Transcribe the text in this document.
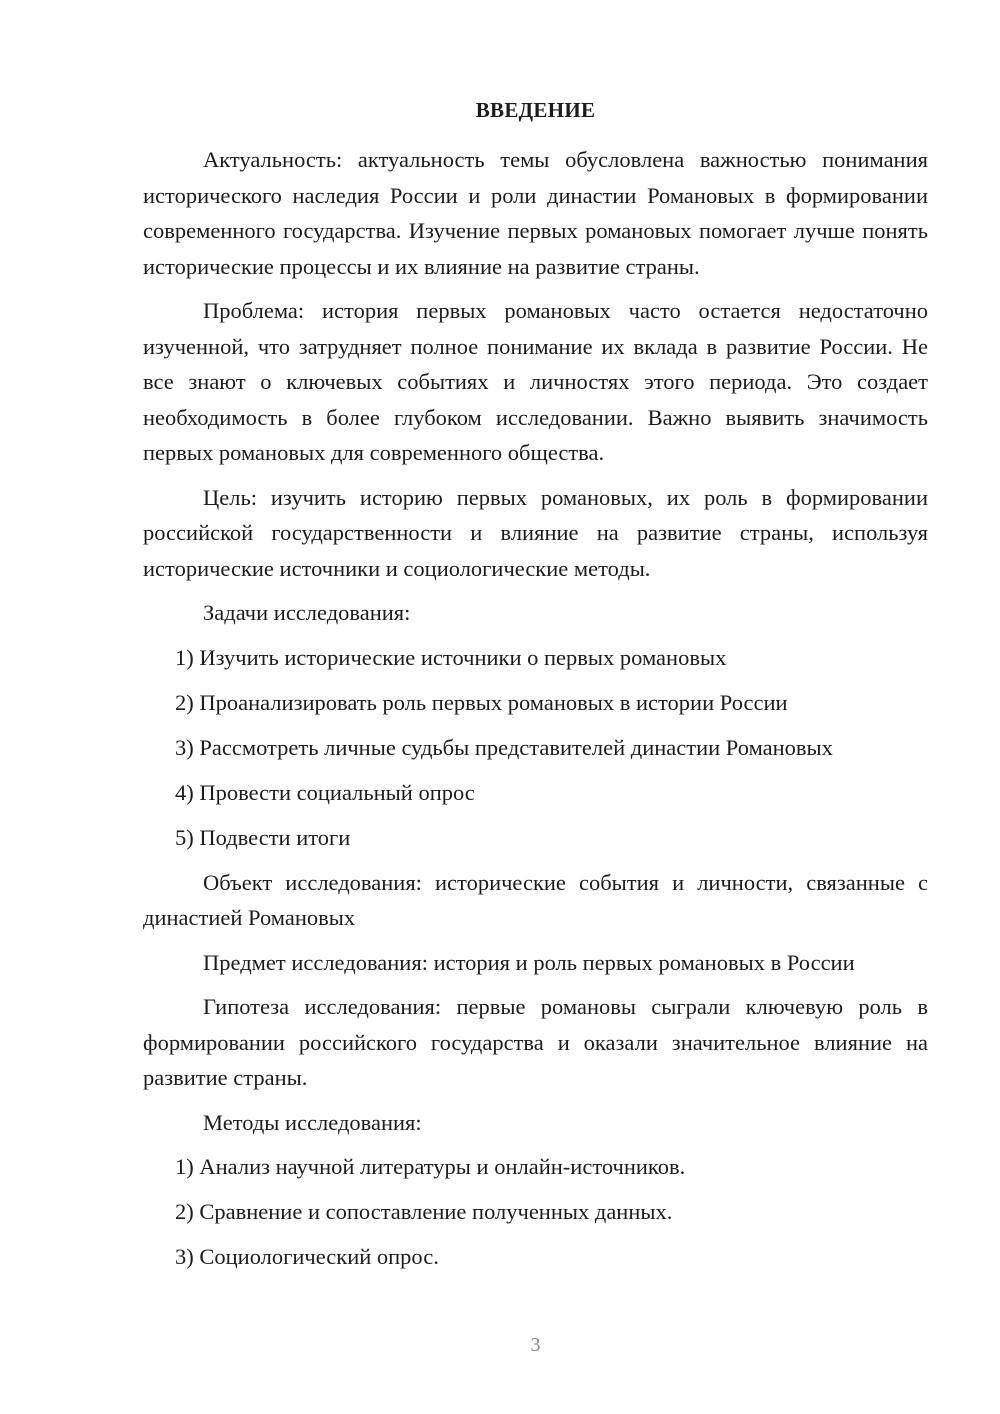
ВВЕДЕНИЕ

Актуальность: актуальность темы обусловлена важностью понимания исторического наследия России и роли династии Романовых в формировании современного государства. Изучение первых романовых помогает лучше понять исторические процессы и их влияние на развитие страны.

Проблема: история первых романовых часто остается недостаточно изученной, что затрудняет полное понимание их вклада в развитие России. Не все знают о ключевых событиях и личностях этого периода. Это создает необходимость в более глубоком исследовании. Важно выявить значимость первых романовых для современного общества.

Цель: изучить историю первых романовых, их роль в формировании российской государственности и влияние на развитие страны, используя исторические источники и социологические методы.

Задачи исследования:

1) Изучить исторические источники о первых романовых

2) Проанализировать роль первых романовых в истории России

3) Рассмотреть личные судьбы представителей династии Романовых

4) Провести социальный опрос

5) Подвести итоги

Объект исследования: исторические события и личности, связанные с династией Романовых

Предмет исследования: история и роль первых романовых в России

Гипотеза исследования: первые романовы сыграли ключевую роль в формировании российского государства и оказали значительное влияние на развитие страны.

Методы исследования:

1) Анализ научной литературы и онлайн-источников.

2) Сравнение и сопоставление полученных данных.

3) Социологический опрос.

3
